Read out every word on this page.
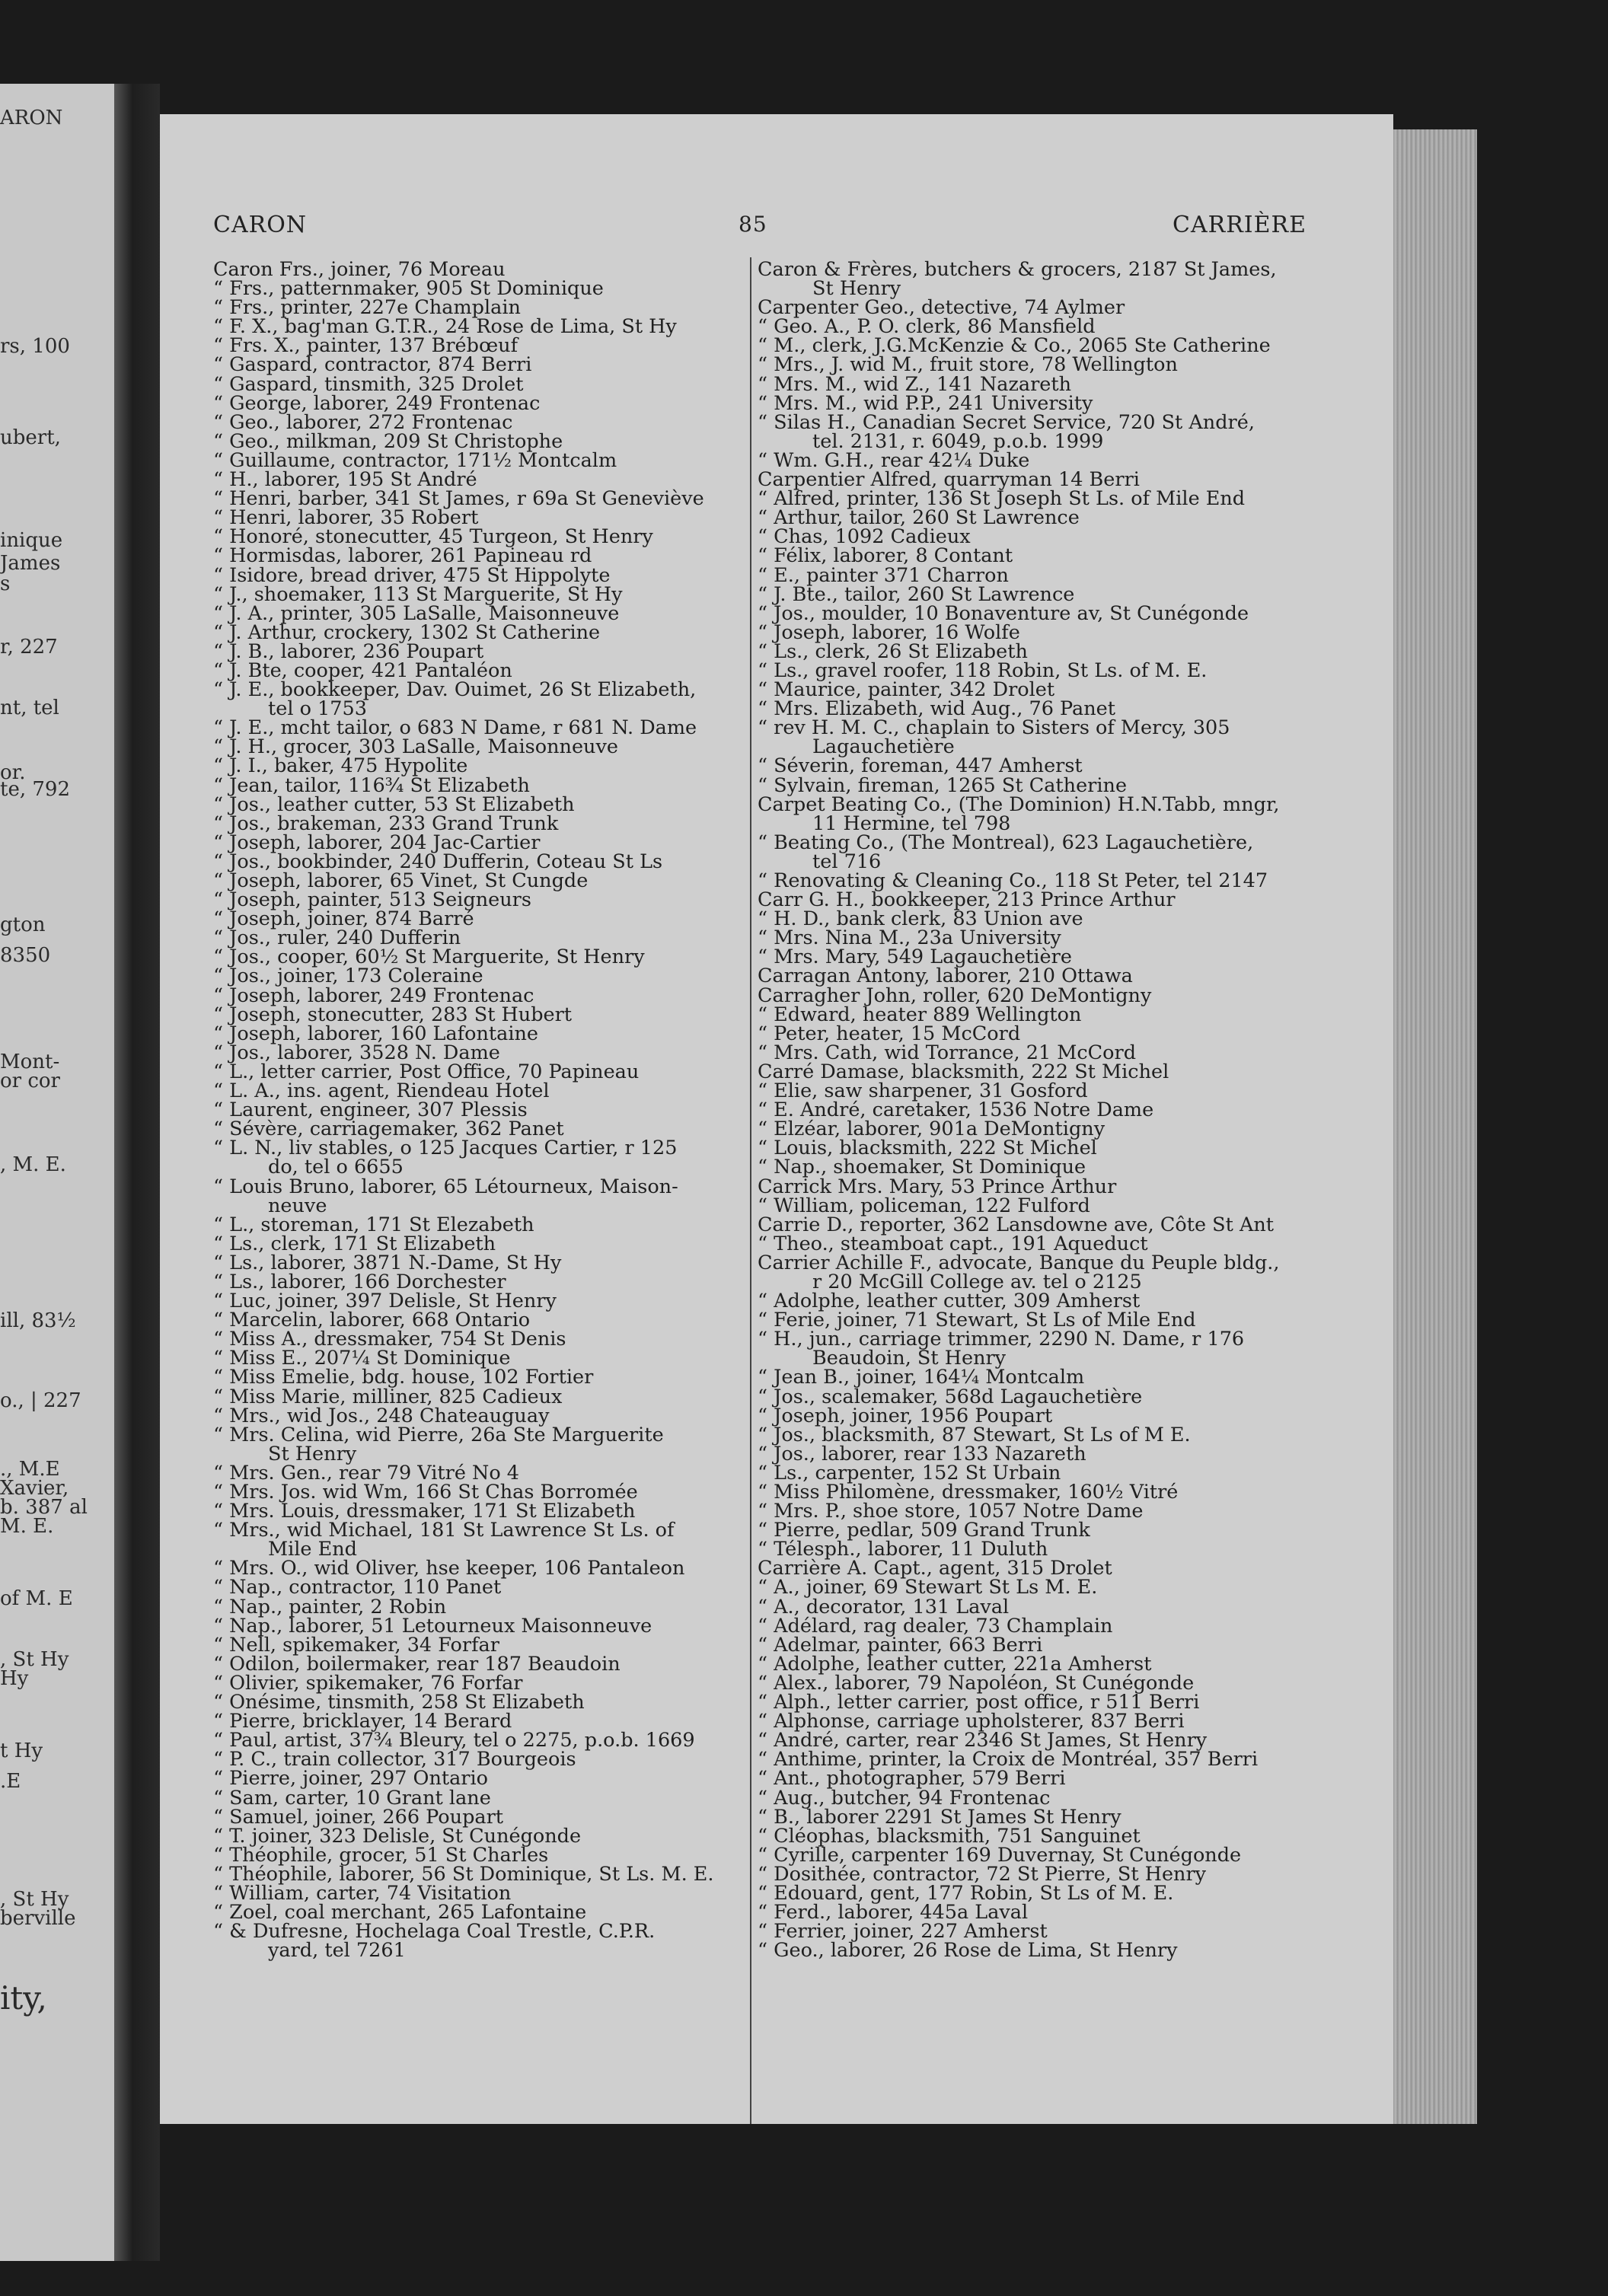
ARON
rs, 100
ubert,
inique
James
s
r, 227
nt, tel
or.
te, 792
gton
8350
Mont-
or cor
, M. E.
ill, 83½
o., | 227
., M.E
Xavier,
b. 387 al
M. E.
of M. E
, St Hy
Hy
t Hy
.E
, St Hy
berville
ity,
CARON	85	CARRIÈRE
Caron Frs., joiner, 76 Moreau
“ Frs., patternmaker, 905 St Dominique
“ Frs., printer, 227e Champlain
“ F. X., bag'man G.T.R., 24 Rose de Lima, St Hy
“ Frs. X., painter, 137 Brébœuf
“ Gaspard, contractor, 874 Berri
“ Gaspard, tinsmith, 325 Drolet
“ George, laborer, 249 Frontenac
“ Geo., laborer, 272 Frontenac
“ Geo., milkman, 209 St Christophe
“ Guillaume, contractor, 171½ Montcalm
“ H., laborer, 195 St André
“ Henri, barber, 341 St James, r 69a St Geneviève
“ Henri, laborer, 35 Robert
“ Honoré, stonecutter, 45 Turgeon, St Henry
“ Hormisdas, laborer, 261 Papineau rd
“ Isidore, bread driver, 475 St Hippolyte
“ J., shoemaker, 113 St Marguerite, St Hy
“ J. A., printer, 305 LaSalle, Maisonneuve
“ J. Arthur, crockery, 1302 St Catherine
“ J. B., laborer, 236 Poupart
“ J. Bte, cooper, 421 Pantaléon
“ J. E., bookkeeper, Dav. Ouimet, 26 St Elizabeth,
tel o 1753
“ J. E., mcht tailor, o 683 N Dame, r 681 N. Dame
“ J. H., grocer, 303 LaSalle, Maisonneuve
“ J. I., baker, 475 Hypolite
“ Jean, tailor, 116¾ St Elizabeth
“ Jos., leather cutter, 53 St Elizabeth
“ Jos., brakeman, 233 Grand Trunk
“ Joseph, laborer, 204 Jac-Cartier
“ Jos., bookbinder, 240 Dufferin, Coteau St Ls
“ Joseph, laborer, 65 Vinet, St Cungde
“ Joseph, painter, 513 Seigneurs
“ Joseph, joiner, 874 Barré
“ Jos., ruler, 240 Dufferin
“ Jos., cooper, 60½ St Marguerite, St Henry
“ Jos., joiner, 173 Coleraine
“ Joseph, laborer, 249 Frontenac
“ Joseph, stonecutter, 283 St Hubert
“ Joseph, laborer, 160 Lafontaine
“ Jos., laborer, 3528 N. Dame
“ L., letter carrier, Post Office, 70 Papineau
“ L. A., ins. agent, Riendeau Hotel
“ Laurent, engineer, 307 Plessis
“ Sévère, carriagemaker, 362 Panet
“ L. N., liv stables, o 125 Jacques Cartier, r 125
do, tel o 6655
“ Louis Bruno, laborer, 65 Létourneux, Maison-
neuve
“ L., storeman, 171 St Elezabeth
“ Ls., clerk, 171 St Elizabeth
“ Ls., laborer, 3871 N.-Dame, St Hy
“ Ls., laborer, 166 Dorchester
“ Luc, joiner, 397 Delisle, St Henry
“ Marcelin, laborer, 668 Ontario
“ Miss A., dressmaker, 754 St Denis
“ Miss E., 207¼ St Dominique
“ Miss Emelie, bdg. house, 102 Fortier
“ Miss Marie, milliner, 825 Cadieux
“ Mrs., wid Jos., 248 Chateauguay
“ Mrs. Celina, wid Pierre, 26a Ste Marguerite
St Henry
“ Mrs. Gen., rear 79 Vitré No 4
“ Mrs. Jos. wid Wm, 166 St Chas Borromée
“ Mrs. Louis, dressmaker, 171 St Elizabeth
“ Mrs., wid Michael, 181 St Lawrence St Ls. of
Mile End
“ Mrs. O., wid Oliver, hse keeper, 106 Pantaleon
“ Nap., contractor, 110 Panet
“ Nap., painter, 2 Robin
“ Nap., laborer, 51 Letourneux Maisonneuve
“ Nell, spikemaker, 34 Forfar
“ Odilon, boilermaker, rear 187 Beaudoin
“ Olivier, spikemaker, 76 Forfar
“ Onésime, tinsmith, 258 St Elizabeth
“ Pierre, bricklayer, 14 Berard
“ Paul, artist, 37¾ Bleury, tel o 2275, p.o.b. 1669
“ P. C., train collector, 317 Bourgeois
“ Pierre, joiner, 297 Ontario
“ Sam, carter, 10 Grant lane
“ Samuel, joiner, 266 Poupart
“ T. joiner, 323 Delisle, St Cunégonde
“ Théophile, grocer, 51 St Charles
“ Théophile, laborer, 56 St Dominique, St Ls. M. E.
“ William, carter, 74 Visitation
“ Zoel, coal merchant, 265 Lafontaine
“ & Dufresne, Hochelaga Coal Trestle, C.P.R.
yard, tel 7261
Caron & Frères, butchers & grocers, 2187 St James,
St Henry
Carpenter Geo., detective, 74 Aylmer
“ Geo. A., P. O. clerk, 86 Mansfield
“ M., clerk, J.G.McKenzie & Co., 2065 Ste Catherine
“ Mrs., J. wid M., fruit store, 78 Wellington
“ Mrs. M., wid Z., 141 Nazareth
“ Mrs. M., wid P.P., 241 University
“ Silas H., Canadian Secret Service, 720 St André,
tel. 2131, r. 6049, p.o.b. 1999
“ Wm. G.H., rear 42¼ Duke
Carpentier Alfred, quarryman 14 Berri
“ Alfred, printer, 136 St Joseph St Ls. of Mile End
“ Arthur, tailor, 260 St Lawrence
“ Chas, 1092 Cadieux
“ Félix, laborer, 8 Contant
“ E., painter 371 Charron
“ J. Bte., tailor, 260 St Lawrence
“ Jos., moulder, 10 Bonaventure av, St Cunégonde
“ Joseph, laborer, 16 Wolfe
“ Ls., clerk, 26 St Elizabeth
“ Ls., gravel roofer, 118 Robin, St Ls. of M. E.
“ Maurice, painter, 342 Drolet
“ Mrs. Elizabeth, wid Aug., 76 Panet
“ rev H. M. C., chaplain to Sisters of Mercy, 305
Lagauchetière
“ Séverin, foreman, 447 Amherst
“ Sylvain, fireman, 1265 St Catherine
Carpet Beating Co., (The Dominion) H.N.Tabb, mngr,
11 Hermine, tel 798
“ Beating Co., (The Montreal), 623 Lagauchetière,
tel 716
“ Renovating & Cleaning Co., 118 St Peter, tel 2147
Carr G. H., bookkeeper, 213 Prince Arthur
“ H. D., bank clerk, 83 Union ave
“ Mrs. Nina M., 23a University
“ Mrs. Mary, 549 Lagauchetière
Carragan Antony, laborer, 210 Ottawa
Carragher John, roller, 620 DeMontigny
“ Edward, heater 889 Wellington
“ Peter, heater, 15 McCord
“ Mrs. Cath, wid Torrance, 21 McCord
Carré Damase, blacksmith, 222 St Michel
“ Elie, saw sharpener, 31 Gosford
“ E. André, caretaker, 1536 Notre Dame
“ Elzéar, laborer, 901a DeMontigny
“ Louis, blacksmith, 222 St Michel
“ Nap., shoemaker, St Dominique
Carrick Mrs. Mary, 53 Prince Arthur
“ William, policeman, 122 Fulford
Carrie D., reporter, 362 Lansdowne ave, Côte St Ant
“ Theo., steamboat capt., 191 Aqueduct
Carrier Achille F., advocate, Banque du Peuple bldg.,
r 20 McGill College av. tel o 2125
“ Adolphe, leather cutter, 309 Amherst
“ Ferie, joiner, 71 Stewart, St Ls of Mile End
“ H., jun., carriage trimmer, 2290 N. Dame, r 176
Beaudoin, St Henry
“ Jean B., joiner, 164¼ Montcalm
“ Jos., scalemaker, 568d Lagauchetière
“ Joseph, joiner, 1956 Poupart
“ Jos., blacksmith, 87 Stewart, St Ls of M E.
“ Jos., laborer, rear 133 Nazareth
“ Ls., carpenter, 152 St Urbain
“ Miss Philomène, dressmaker, 160½ Vitré
“ Mrs. P., shoe store, 1057 Notre Dame
“ Pierre, pedlar, 509 Grand Trunk
“ Télesph., laborer, 11 Duluth
Carrière A. Capt., agent, 315 Drolet
“ A., joiner, 69 Stewart St Ls M. E.
“ A., decorator, 131 Laval
“ Adélard, rag dealer, 73 Champlain
“ Adelmar, painter, 663 Berri
“ Adolphe, leather cutter, 221a Amherst
“ Alex., laborer, 79 Napoléon, St Cunégonde
“ Alph., letter carrier, post office, r 511 Berri
“ Alphonse, carriage upholsterer, 837 Berri
“ André, carter, rear 2346 St James, St Henry
“ Anthime, printer, la Croix de Montréal, 357 Berri
“ Ant., photographer, 579 Berri
“ Aug., butcher, 94 Frontenac
“ B., laborer 2291 St James St Henry
“ Cléophas, blacksmith, 751 Sanguinet
“ Cyrille, carpenter 169 Duvernay, St Cunégonde
“ Dosithée, contractor, 72 St Pierre, St Henry
“ Edouard, gent, 177 Robin, St Ls of M. E.
“ Ferd., laborer, 445a Laval
“ Ferrier, joiner, 227 Amherst
“ Geo., laborer, 26 Rose de Lima, St Henry
